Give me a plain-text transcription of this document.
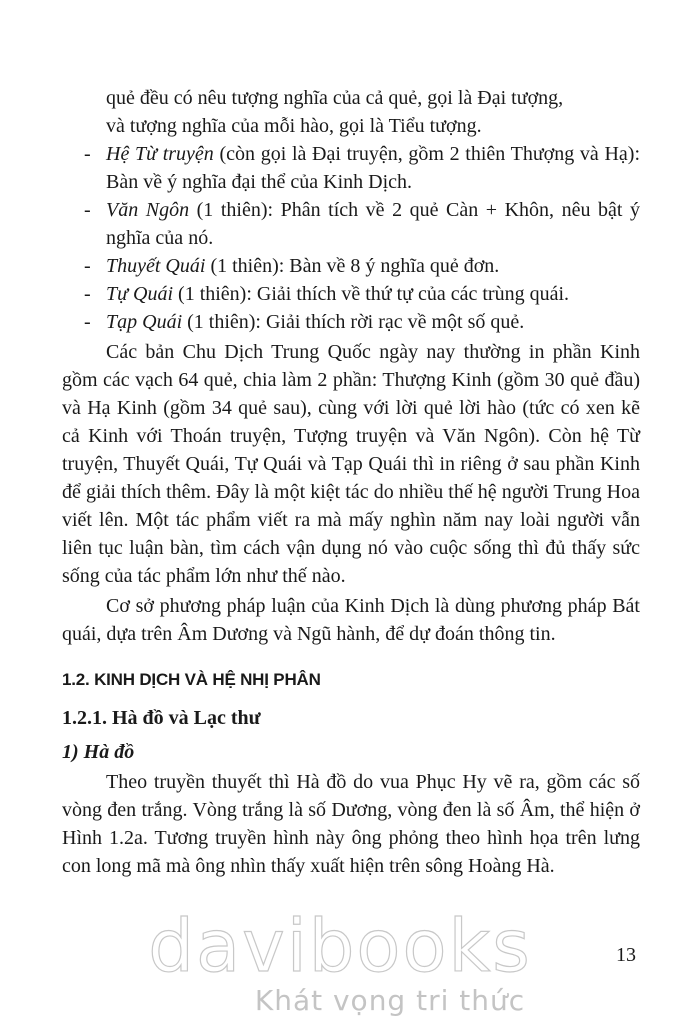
quẻ đều có nêu tượng nghĩa của cả quẻ, gọi là Đại tượng,
và tượng nghĩa của mỗi hào, gọi là Tiểu tượng.
- Hệ Từ truyện (còn gọi là Đại truyện, gồm 2 thiên Thượng và Hạ): Bàn về ý nghĩa đại thể của Kinh Dịch.
- Văn Ngôn (1 thiên): Phân tích về 2 quẻ Càn + Khôn, nêu bật ý nghĩa của nó.
- Thuyết Quái (1 thiên): Bàn về 8 ý nghĩa quẻ đơn.
- Tự Quái (1 thiên): Giải thích về thứ tự của các trùng quái.
- Tạp Quái (1 thiên): Giải thích rời rạc về một số quẻ.

Các bản Chu Dịch Trung Quốc ngày nay thường in phần Kinh gồm các vạch 64 quẻ, chia làm 2 phần: Thượng Kinh (gồm 30 quẻ đầu) và Hạ Kinh (gồm 34 quẻ sau), cùng với lời quẻ lời hào (tức có xen kẽ cả Kinh với Thoán truyện, Tượng truyện và Văn Ngôn). Còn hệ Từ truyện, Thuyết Quái, Tự Quái và Tạp Quái thì in riêng ở sau phần Kinh để giải thích thêm. Đây là một kiệt tác do nhiều thế hệ người Trung Hoa viết lên. Một tác phẩm viết ra mà mấy nghìn năm nay loài người vẫn liên tục luận bàn, tìm cách vận dụng nó vào cuộc sống thì đủ thấy sức sống của tác phẩm lớn như thế nào.

Cơ sở phương pháp luận của Kinh Dịch là dùng phương pháp Bát quái, dựa trên Âm Dương và Ngũ hành, để dự đoán thông tin.

1.2. KINH DỊCH VÀ HỆ NHỊ PHÂN
1.2.1. Hà đồ và Lạc thư
1) Hà đồ

Theo truyền thuyết thì Hà đồ do vua Phục Hy vẽ ra, gồm các số vòng đen trắng. Vòng trắng là số Dương, vòng đen là số Âm, thể hiện ở Hình 1.2a. Tương truyền hình này ông phỏng theo hình họa trên lưng con long mã mà ông nhìn thấy xuất hiện trên sông Hoàng Hà.

davibooks
Khát vọng tri thức
13
